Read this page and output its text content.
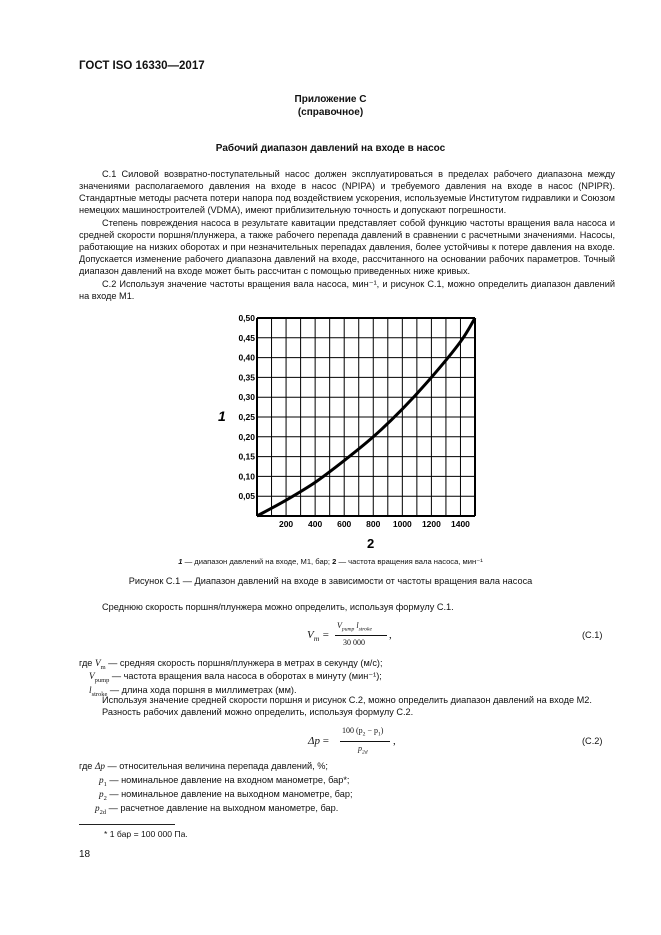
ГОСТ ISO 16330—2017
Приложение С
(справочное)
Рабочий диапазон давлений на входе в насос

С.1 Силовой возвратно-поступательный насос должен эксплуатироваться в пределах рабочего диапазона между значениями располагаемого давления на входе в насос (NPIPA) и требуемого давления на входе в насос (NPIPR). Стандартные методы расчета потери напора под воздействием ускорения, используемые Институтом гидравлики и Союзом немецких машиностроителей (VDMA), имеют приблизительную точность и допускают погрешности.

Степень повреждения насоса в результате кавитации представляет собой функцию частоты вращения вала насоса и средней скорости поршня/плунжера, а также рабочего перепада давлений в сравнении с расчетными значениями. Насосы, работающие на низких оборотах и при незначительных перепадах давления, более устойчивы к потере давления на входе. Допускается изменение рабочего диапазона давлений на входе, рассчитанного на основании рабочих параметров. Точный диапазон давлений на входе может быть рассчитан с помощью приведенных ниже кривых.

С.2 Используя значение частоты вращения вала насоса, мин⁻¹, и рисунок С.1, можно определить диапазон давлений на входе М1.

0,05
0,10
0,15
0,20
0,25
0,30
0,35
0,40
0,45
0,50
200 400 600 800 1000 1200 1400
1
2
1 — диапазон давлений на входе, М1, бар; 2 — частота вращения вала насоса, мин⁻¹
Рисунок С.1 — Диапазон давлений на входе в зависимости от частоты вращения вала насоса
Среднюю скорость поршня/плунжера можно определить, используя формулу С.1.
$V_m$ =
$V_{pump}$ $l_{stroke}$
30 000
,	(С.1)
где $V_m$ — средняя скорость поршня/плунжера в метрах в секунду (м/с);
$V_{pump}$ — частота вращения вала насоса в оборотах в минуту (мин⁻¹);
$l_{stroke}$ — длина хода поршня в миллиметрах (мм).
Используя значение средней скорости поршня и рисунок С.2, можно определить диапазон давлений на входе М2.
Разность рабочих давлений можно определить, используя формулу С.2.
Δp =
100 $(p_2 - p_1)$
$p_{2d}$
,	(С.2)
где Δp — относительная величина перепада давлений, %;
$p_1$ — номинальное давление на входном манометре, бар*;
$p_2$ — номинальное давление на выходном манометре, бар;
$p_{2d}$ — расчетное давление на выходном манометре, бар.
* 1 бар = 100 000 Па.
18
